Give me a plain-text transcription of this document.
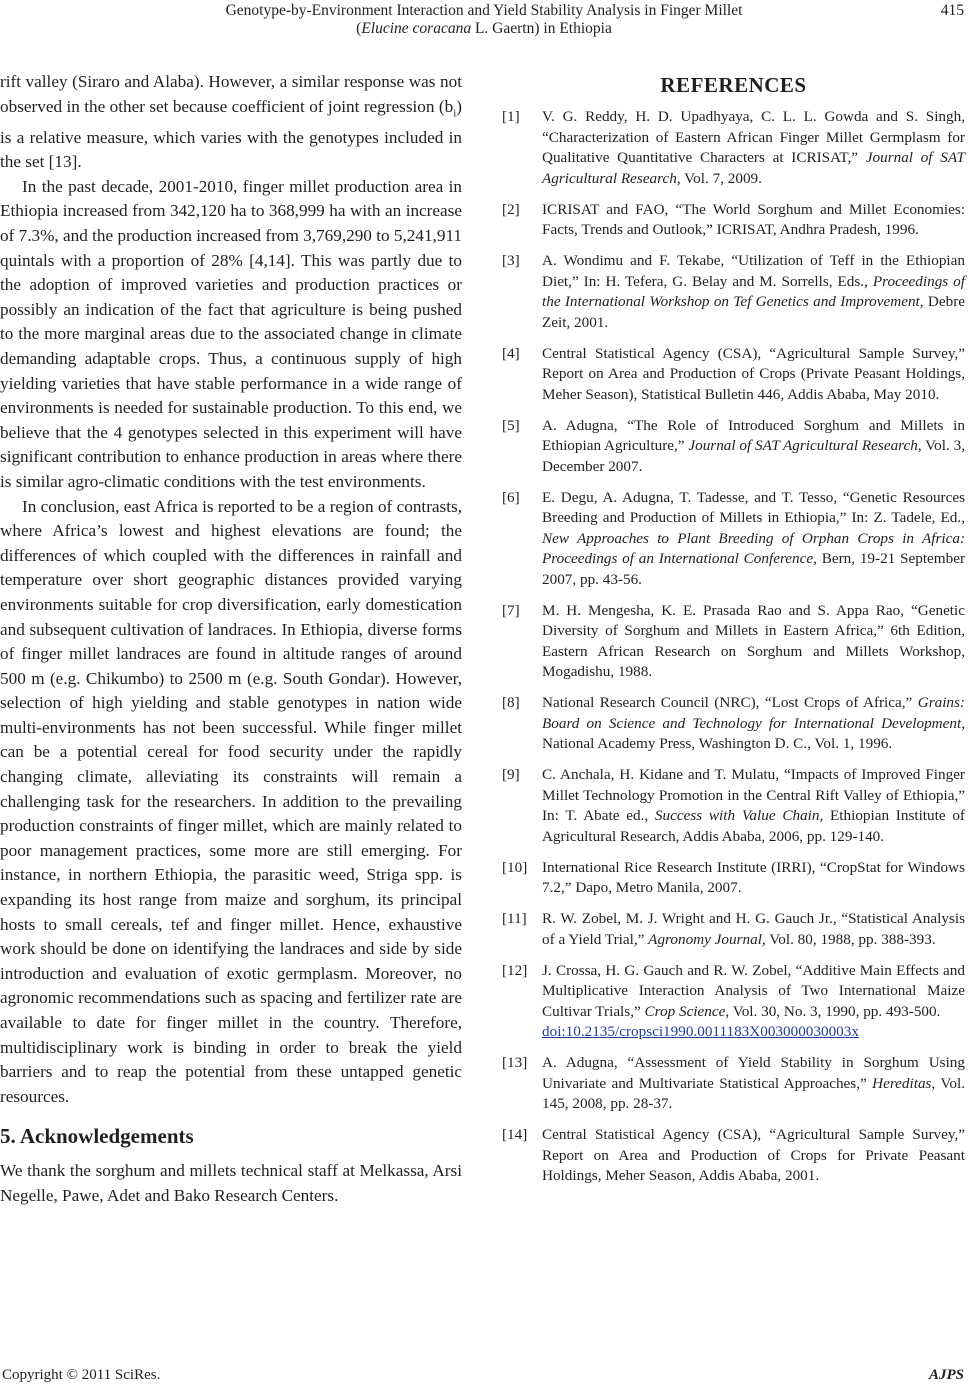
Genotype-by-Environment Interaction and Yield Stability Analysis in Finger Millet	415
(Elucine coracana L. Gaertn) in Ethiopia

rift valley (Siraro and Alaba). However, a similar response was not observed in the other set because coefficient of joint regression $(b_i)$ is a relative measure, which varies with the genotypes included in the set [13].

In the past decade, 2001-2010, finger millet production area in Ethiopia increased from 342,120 ha to 368,999 ha with an increase of 7.3%, and the production increased from 3,769,290 to 5,241,911 quintals with a proportion of 28% [4,14]. This was partly due to the adoption of improved varieties and production practices or possibly an indication of the fact that agriculture is being pushed to the more marginal areas due to the associated change in climate demanding adaptable crops. Thus, a continuous supply of high yielding varieties that have stable performance in a wide range of environments is needed for sustainable production. To this end, we believe that the 4 genotypes selected in this experiment will have significant contribution to enhance production in areas where there is similar agro-climatic conditions with the test environments.

In conclusion, east Africa is reported to be a region of contrasts, where Africa’s lowest and highest elevations are found; the differences of which coupled with the differences in rainfall and temperature over short geographic distances provided varying environments suitable for crop diversification, early domestication and subsequent cultivation of landraces. In Ethiopia, diverse forms of finger millet landraces are found in altitude ranges of around 500 m (e.g. Chikumbo) to 2500 m (e.g. South Gondar). However, selection of high yielding and stable genotypes in nation wide multi-environments has not been successful. While finger millet can be a potential cereal for food security under the rapidly changing climate, alleviating its constraints will remain a challenging task for the researchers. In addition to the prevailing production constraints of finger millet, which are mainly related to poor management practices, some more are still emerging. For instance, in northern Ethiopia, the parasitic weed, Striga spp. is expanding its host range from maize and sorghum, its principal hosts to small cereals, tef and finger millet. Hence, exhaustive work should be done on identifying the landraces and side by side introduction and evaluation of exotic germplasm. Moreover, no agronomic recommendations such as spacing and fertilizer rate are available to date for finger millet in the country. Therefore, multidisciplinary work is binding in order to break the yield barriers and to reap the potential from these untapped genetic resources.

5. Acknowledgements

We thank the sorghum and millets technical staff at Melkassa, Arsi Negelle, Pawe, Adet and Bako Research Centers.

REFERENCES
[1] V. G. Reddy, H. D. Upadhyaya, C. L. L. Gowda and S. Singh, “Characterization of Eastern African Finger Millet Germplasm for Qualitative Quantitative Characters at ICRISAT,” Journal of SAT Agricultural Research, Vol. 7, 2009.
[2] ICRISAT and FAO, “The World Sorghum and Millet Economies: Facts, Trends and Outlook,” ICRISAT, Andhra Pradesh, 1996.
[3] A. Wondimu and F. Tekabe, “Utilization of Teff in the Ethiopian Diet,” In: H. Tefera, G. Belay and M. Sorrells, Eds., Proceedings of the International Workshop on Tef Genetics and Improvement, Debre Zeit, 2001.
[4] Central Statistical Agency (CSA), “Agricultural Sample Survey,” Report on Area and Production of Crops (Private Peasant Holdings, Meher Season), Statistical Bulletin 446, Addis Ababa, May 2010.
[5] A. Adugna, “The Role of Introduced Sorghum and Millets in Ethiopian Agriculture,” Journal of SAT Agricultural Research, Vol. 3, December 2007.
[6] E. Degu, A. Adugna, T. Tadesse, and T. Tesso, “Genetic Resources Breeding and Production of Millets in Ethiopia,” In: Z. Tadele, Ed., New Approaches to Plant Breeding of Orphan Crops in Africa: Proceedings of an International Conference, Bern, 19-21 September 2007, pp. 43-56.
[7] M. H. Mengesha, K. E. Prasada Rao and S. Appa Rao, “Genetic Diversity of Sorghum and Millets in Eastern Africa,” 6th Edition, Eastern African Research on Sorghum and Millets Workshop, Mogadishu, 1988.
[8] National Research Council (NRC), “Lost Crops of Africa,” Grains: Board on Science and Technology for International Development, National Academy Press, Washington D. C., Vol. 1, 1996.
[9] C. Anchala, H. Kidane and T. Mulatu, “Impacts of Improved Finger Millet Technology Promotion in the Central Rift Valley of Ethiopia,” In: T. Abate ed., Success with Value Chain, Ethiopian Institute of Agricultural Research, Addis Ababa, 2006, pp. 129-140.
[10] International Rice Research Institute (IRRI), “CropStat for Windows 7.2,” Dapo, Metro Manila, 2007.
[11] R. W. Zobel, M. J. Wright and H. G. Gauch Jr., “Statistical Analysis of a Yield Trial,” Agronomy Journal, Vol. 80, 1988, pp. 388-393.
[12] J. Crossa, H. G. Gauch and R. W. Zobel, “Additive Main Effects and Multiplicative Interaction Analysis of Two International Maize Cultivar Trials,” Crop Science, Vol. 30, No. 3, 1990, pp. 493-500.
doi:10.2135/cropsci1990.0011183X003000030003x
[13] A. Adugna, “Assessment of Yield Stability in Sorghum Using Univariate and Multivariate Statistical Approaches,” Hereditas, Vol. 145, 2008, pp. 28-37.
[14] Central Statistical Agency (CSA), “Agricultural Sample Survey,” Report on Area and Production of Crops for Private Peasant Holdings, Meher Season, Addis Ababa, 2001.
Copyright © 2011 SciRes.	AJPS
